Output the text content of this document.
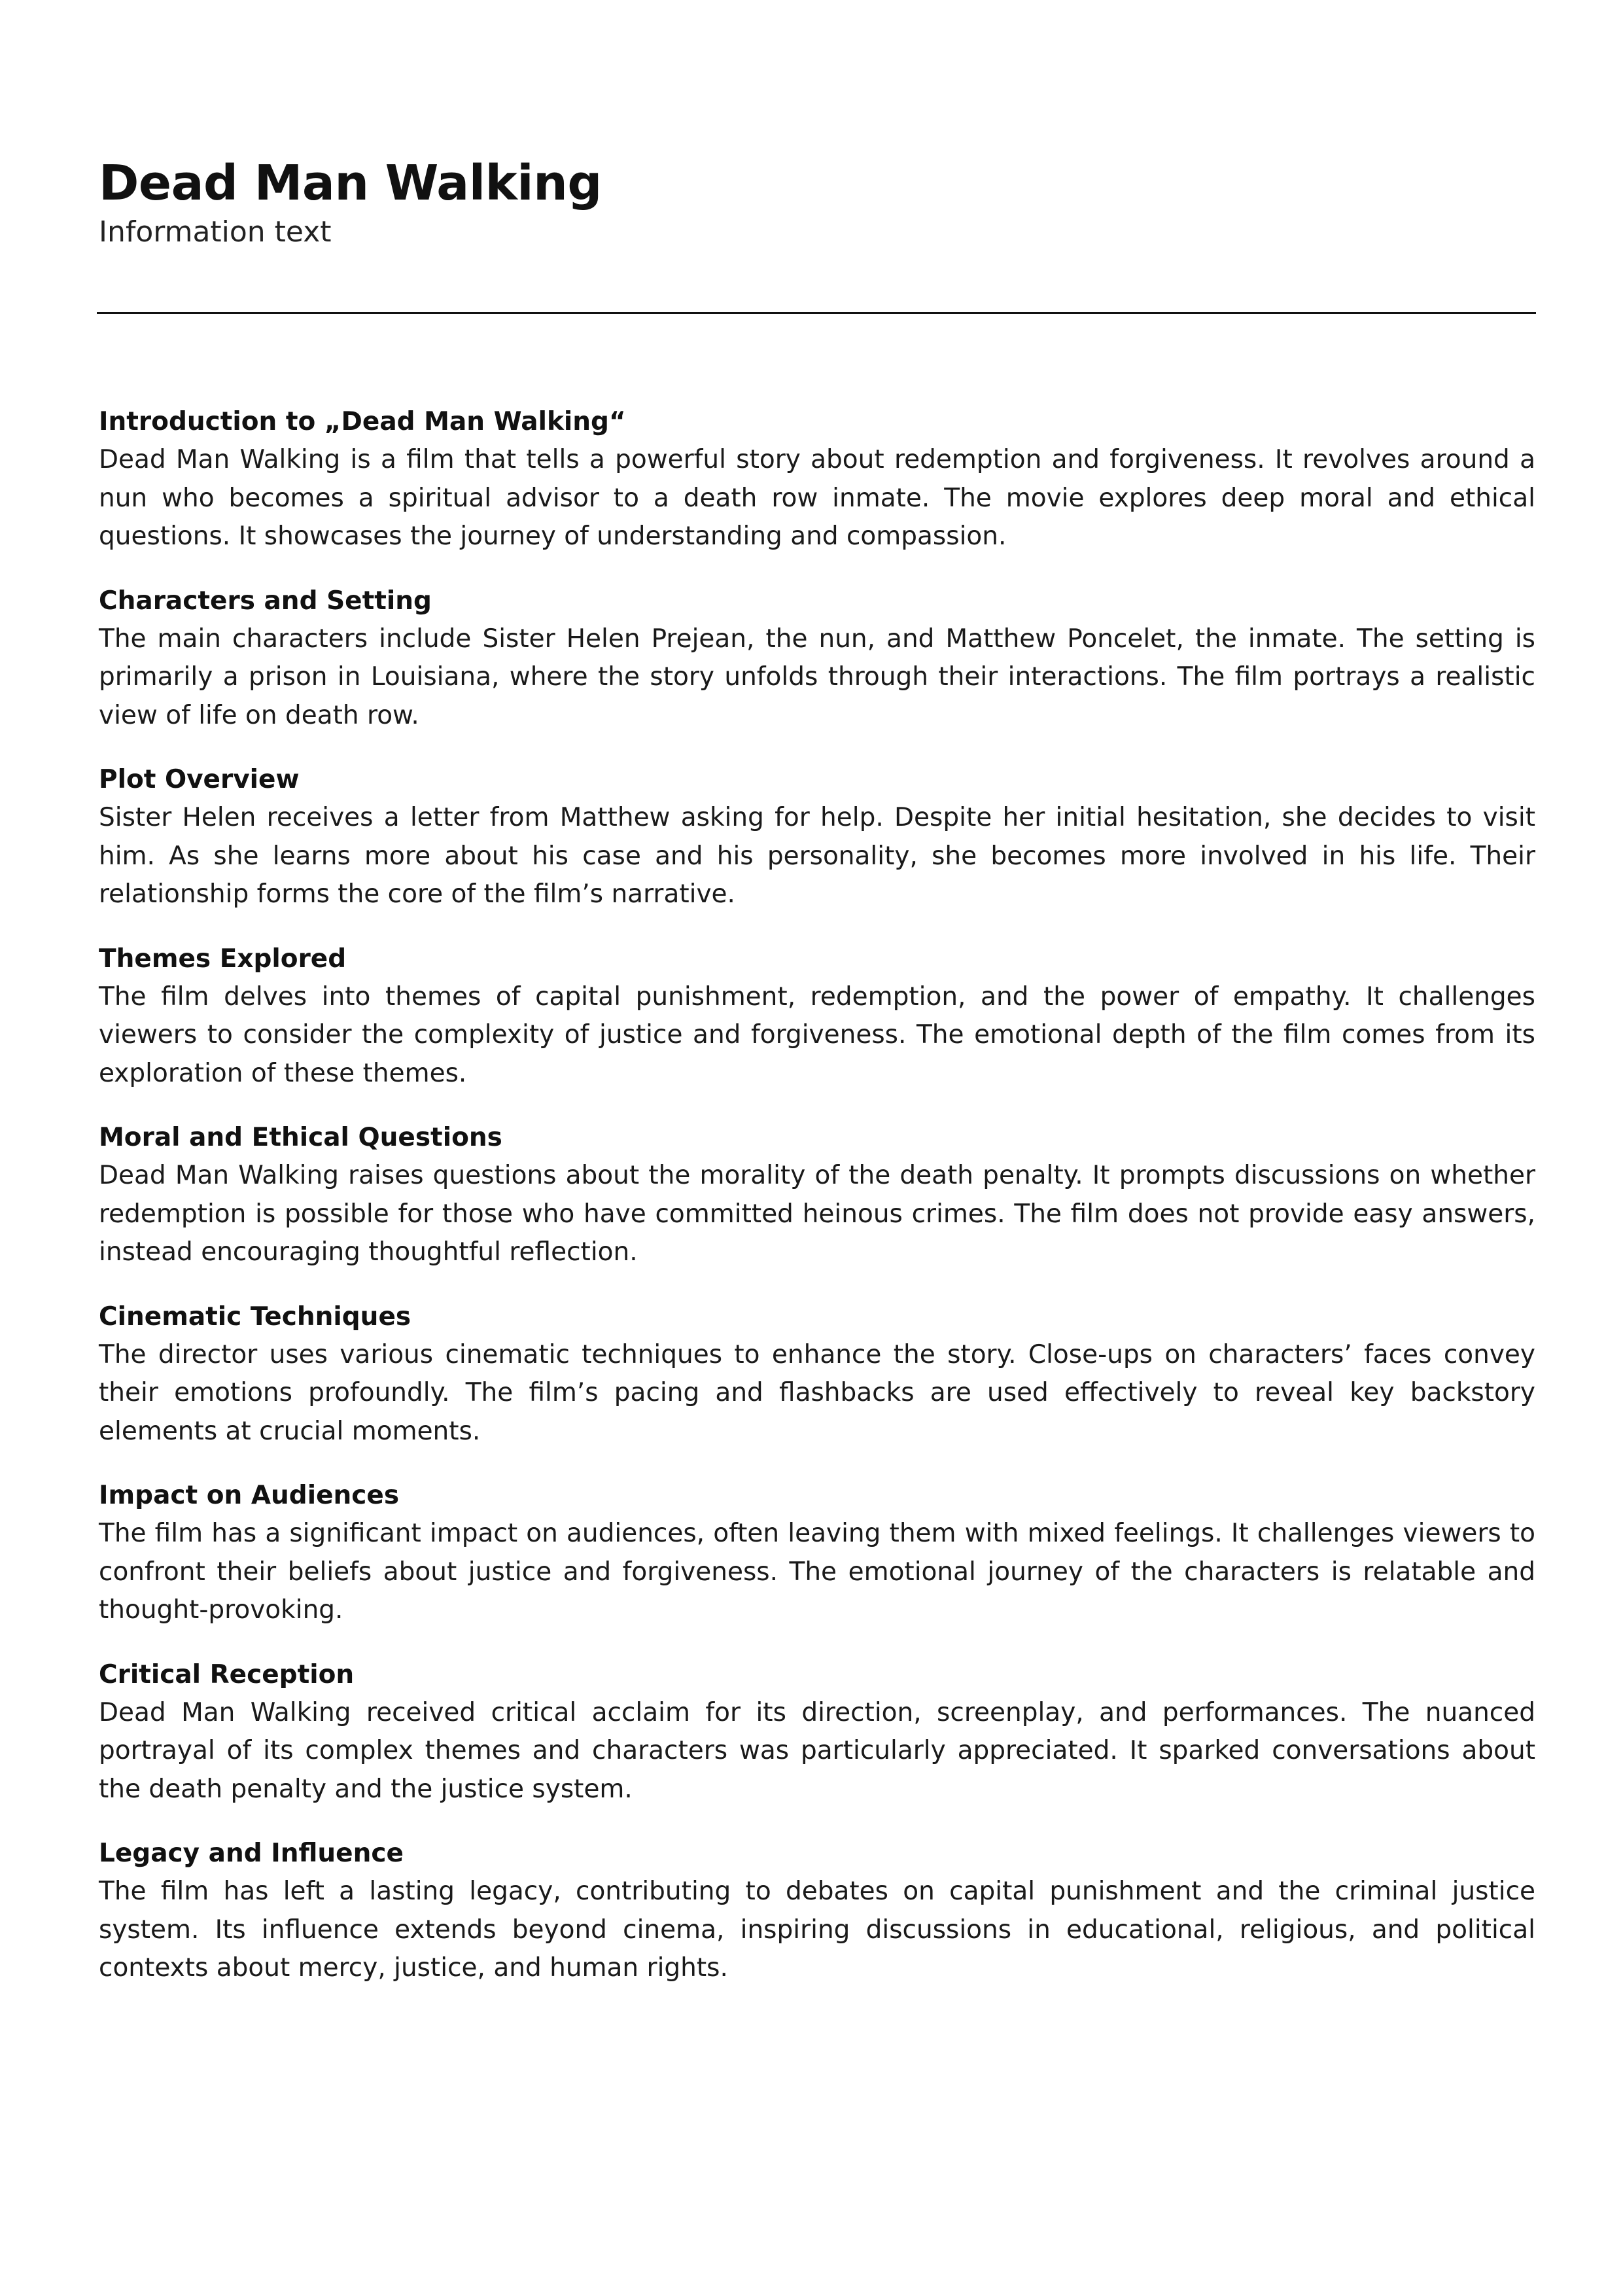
Dead Man Walking

Information text

Introduction to „Dead Man Walking“

Dead Man Walking is a film that tells a powerful story about redemption and forgiveness. It revolves around a nun who becomes a spiritual advisor to a death row inmate. The movie explores deep moral and ethical questions. It showcases the journey of understanding and compassion.

Characters and Setting

The main characters include Sister Helen Prejean, the nun, and Matthew Poncelet, the inmate. The setting is primarily a prison in Louisiana, where the story unfolds through their interactions. The film portrays a realistic view of life on death row.

Plot Overview

Sister Helen receives a letter from Matthew asking for help. Despite her initial hesitation, she decides to visit him. As she learns more about his case and his personality, she becomes more involved in his life. Their relationship forms the core of the film’s narrative.

Themes Explored

The film delves into themes of capital punishment, redemption, and the power of empathy. It challenges viewers to consider the complexity of justice and forgiveness. The emotional depth of the film comes from its exploration of these themes.

Moral and Ethical Questions

Dead Man Walking raises questions about the morality of the death penalty. It prompts discussions on whether redemption is possible for those who have committed heinous crimes. The film does not provide easy answers, instead encouraging thoughtful reflection.

Cinematic Techniques

The director uses various cinematic techniques to enhance the story. Close-ups on characters’ faces convey their emotions profoundly. The film’s pacing and flashbacks are used effectively to reveal key backstory elements at crucial moments.

Impact on Audiences

The film has a significant impact on audiences, often leaving them with mixed feelings. It challenges viewers to confront their beliefs about justice and forgiveness. The emotional journey of the characters is relatable and thought-provoking.

Critical Reception

Dead Man Walking received critical acclaim for its direction, screenplay, and performances. The nuanced portrayal of its complex themes and characters was particularly appreciated. It sparked conversations about the death penalty and the justice system.

Legacy and Influence

The film has left a lasting legacy, contributing to debates on capital punishment and the criminal justice system. Its influence extends beyond cinema, inspiring discussions in educational, religious, and political contexts about mercy, justice, and human rights.
